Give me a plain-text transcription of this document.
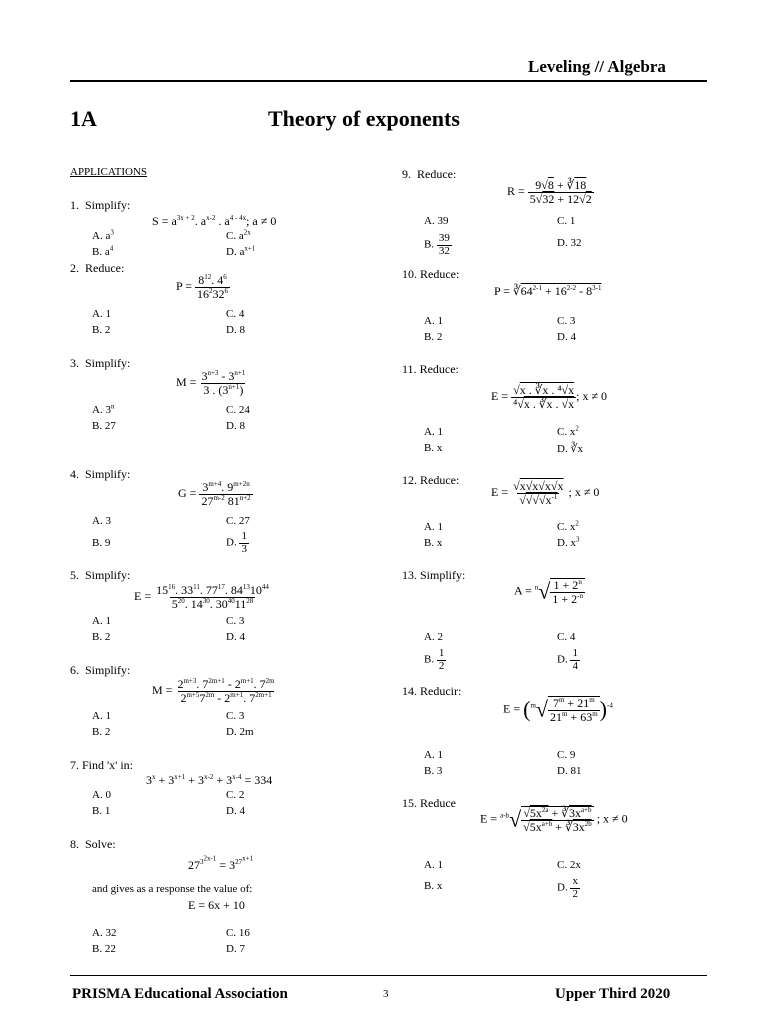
Leveling // Algebra
1A	Theory of exponents
APPLICATIONS
1. Simplify:
$S = a^{3x + 2}$. $a^{x-2}$ . $a^{4 - 4x}$; a ≠ 0
A. $a^3$
B. $a^4$
C. $a^{2x}$
D. $a^{x+1}$
2. Reduce:
$P = \frac{8^{12}. 4^6}{16^232^6}$
A. 1
B. 2
C. 4
D. 8
3. Simplify:
$M = \frac{3^{n+3} - 3^{n+1}}{3 . (3^{n+1})}$
A. 3$^n$
B. 27
C. 24
D. 8
4. Simplify:
$G = \frac{3^{m+4}. 9^{m+2n}}{27^{m-2} 81^{n+2}}$
A. 3
B. 9
C. 27
D. $\frac{1}{3}$
5. Simplify:
$E = \frac{15^{16}. 33^{11}. 77^{17}. 84^{13}10^{44}}{5^{20}. 14^{30}. 30^{40}11^{28}}$
A. 1
B. 2
C. 3
D. 4
6. Simplify:
$M = \frac{2^{m+3}. 7^{2m+1} - 2^{m+1}. 7^{2m}}{2^{m+5}7^{2m} - 2^{m+1}. 7^{2m+1}}$
A. 1
B. 2
C. 3
D. 2m
7. Find 'x' in:
$3^x + 3^{x+1} + 3^{x-2} + 3^{x-4} = 334$
A. 0
B. 1
C. 2
D. 4
8. Solve:
$27^{3^{2x-1}} = 3^{27^{x+1}}$
and gives as a response the value of:
E = 6x + 10
A. 32
B. 22
C. 16
D. 7
9. Reduce:
$R = \frac{9√8 + ∛18}{5√32 + 12√2}$
A. 39
B. $\frac{39}{32}$
C. 1
D. 32
10. Reduce:
$P = ∛64^{2-1} + 16^{2-2} - 8^{3-1}$
A. 1
B. 2
C. 3
D. 4
11. Reduce:
$E = \frac{\text{√x . ∛x . ⁴√x}}{\text{⁴√x . ∛x . √x}}$ ; x ≠ 0
A. 1
B. x
C. $x^2$
D. ∛x
12. Reduce:
$E = \frac{√x√x√x√x}{√√√√x^{-1}}$ ; x ≠ 0
A. 1
B. x
C. $x^2$
D. $x^3$
13. Simplify:
$A = ^n√ \frac{1 + 2^n}{1 + 2^{-n}}$
A. 2
B. $\frac{1}{2}$
C. 4
D. $\frac{1}{4}$
14. Reducir:
$E = (^m√ \frac{7^m + 21^m}{21^m + 63^m} )^{-4}$
A. 1
B. 3
C. 9
D. 81
15. Reduce
$E = ^{a-b}√ \frac{√5x^{2a} + ∛3x^{a+b}}{√5x^{a+b} + ∛3x^{2b}}$ ; x ≠ 0
A. 1
B. x
C. 2x
D. $\frac{x}{2}$
PRISMA Educational Association	3	Upper Third 2020
